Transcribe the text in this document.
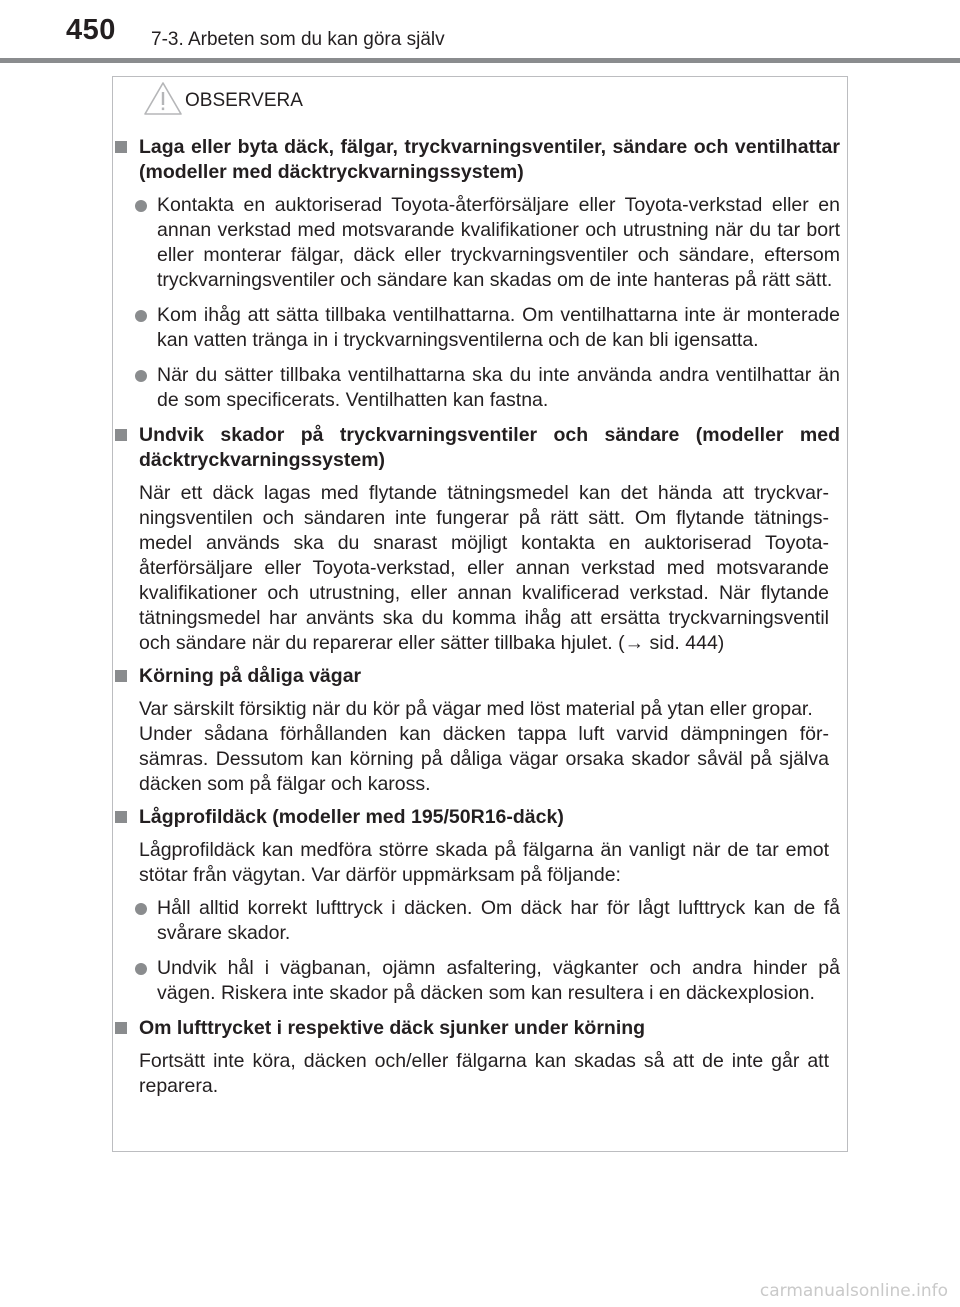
450 7-3. Arbeten som du kan göra själv
OBSERVERA
Laga eller byta däck, fälgar, tryckvarningsventiler, sändare och ventilhattar (modeller med däcktryckvarningssystem)
Kontakta en auktoriserad Toyota-återförsäljare eller Toyota-verkstad eller en annan verkstad med motsvarande kvalifikationer och utrustning när du tar bort eller monterar fälgar, däck eller tryckvarningsventiler och sändare, eftersom tryckvarningsventiler och sändare kan skadas om de inte hanteras på rätt sätt.
Kom ihåg att sätta tillbaka ventilhattarna. Om ventilhattarna inte är monterade kan vatten tränga in i tryckvarningsventilerna och de kan bli igensatta.
När du sätter tillbaka ventilhattarna ska du inte använda andra ventilhattar än de som specificerats. Ventilhatten kan fastna.
Undvik skador på tryckvarningsventiler och sändare (modeller med däcktryckvarningssystem)
När ett däck lagas med flytande tätningsmedel kan det hända att tryckvarningsventilen och sändaren inte fungerar på rätt sätt. Om flytande tätningsmedel används ska du snarast möjligt kontakta en auktoriserad Toyota-återförsäljare eller Toyota-verkstad, eller annan verkstad med motsvarande kvalifikationer och utrustning, eller annan kvalificerad verkstad. När flytande tätningsmedel har använts ska du komma ihåg att ersätta tryckvarningsventil och sändare när du reparerar eller sätter tillbaka hjulet. (→ sid. 444)
Körning på dåliga vägar
Var särskilt försiktig när du kör på vägar med löst material på ytan eller gropar.
Under sådana förhållanden kan däcken tappa luft varvid dämpningen försämras. Dessutom kan körning på dåliga vägar orsaka skador såväl på själva däcken som på fälgar och kaross.
Lågprofildäck (modeller med 195/50R16-däck)
Lågprofildäck kan medföra större skada på fälgarna än vanligt när de tar emot stötar från vägytan. Var därför uppmärksam på följande:
Håll alltid korrekt lufttryck i däcken. Om däck har för lågt lufttryck kan de få svårare skador.
Undvik hål i vägbanan, ojämn asfaltering, vägkanter och andra hinder på vägen. Riskera inte skador på däcken som kan resultera i en däckexplosion.
Om lufttrycket i respektive däck sjunker under körning
Fortsätt inte köra, däcken och/eller fälgarna kan skadas så att de inte går att reparera.
carmanualsonline.info
